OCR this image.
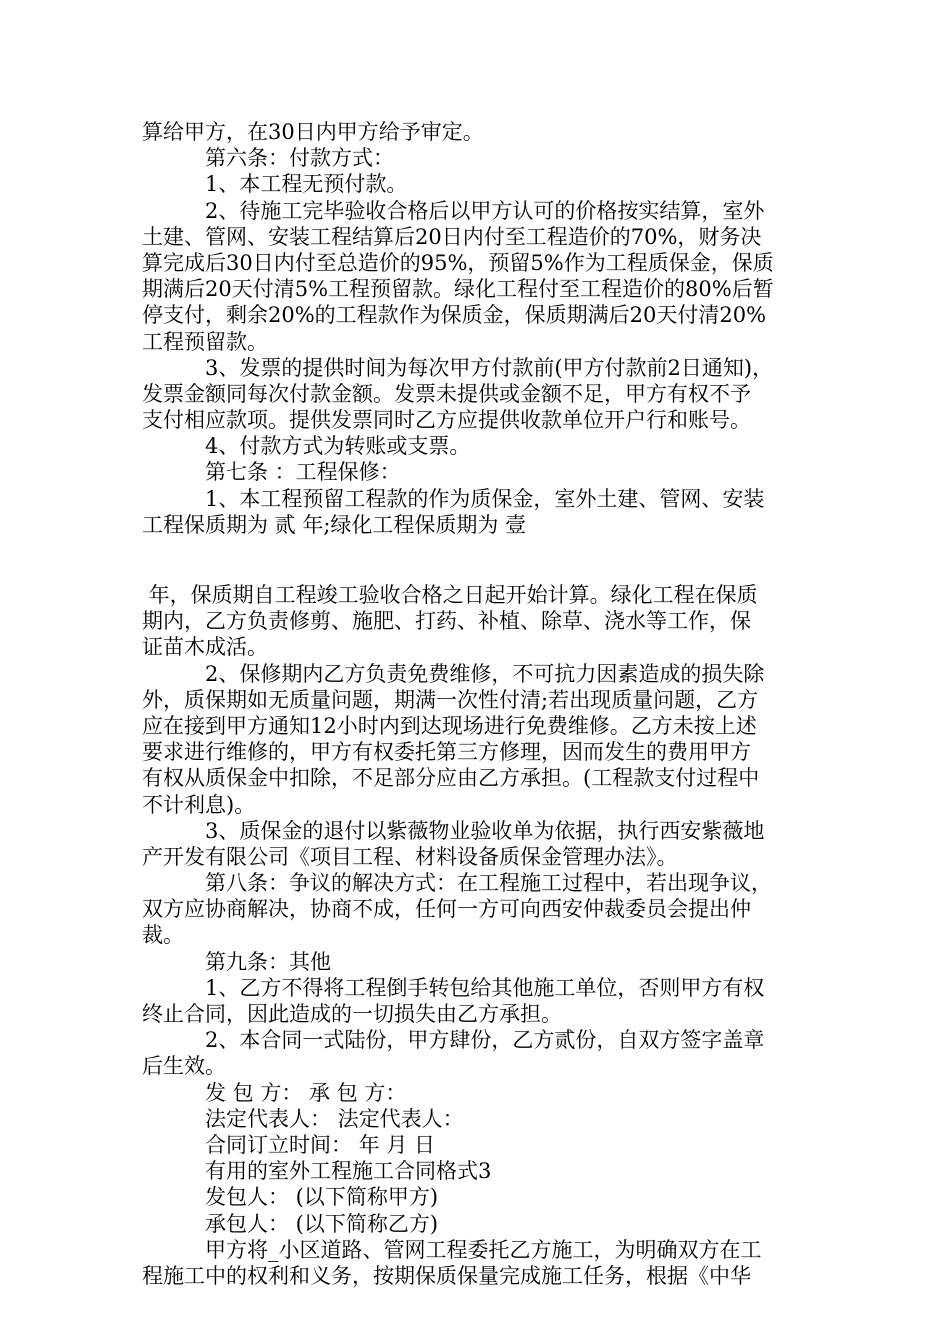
算给甲方，在30日内甲方给予审定。
　　　第六条：付款方式：
　　　1、本工程无预付款。
　　　2、待施工完毕验收合格后以甲方认可的价格按实结算，室外
土建、管网、安装工程结算后20日内付至工程造价的70%，财务决
算完成后30日内付至总造价的95%，预留5%作为工程质保金，保质
期满后20天付清5%工程预留款。绿化工程付至工程造价的80%后暂
停支付，剩余20%的工程款作为保质金，保质期满后20天付清20%
工程预留款。
　　　3、发票的提供时间为每次甲方付款前(甲方付款前2日通知)，
发票金额同每次付款金额。发票未提供或金额不足，甲方有权不予
支付相应款项。提供发票同时乙方应提供收款单位开户行和账号。
　　　4、付款方式为转账或支票。
　　　第七条 ：工程保修：
　　　1、本工程预留工程款的作为质保金，室外土建、管网、安装
工程保质期为 贰 年;绿化工程保质期为 壹
年，保质期自工程竣工验收合格之日起开始计算。绿化工程在保质
期内，乙方负责修剪、施肥、打药、补植、除草、浇水等工作，保
证苗木成活。
　　　2、保修期内乙方负责免费维修，不可抗力因素造成的损失除
外，质保期如无质量问题，期满一次性付清;若出现质量问题，乙方
应在接到甲方通知12小时内到达现场进行免费维修。乙方未按上述
要求进行维修的，甲方有权委托第三方修理，因而发生的费用甲方
有权从质保金中扣除，不足部分应由乙方承担。(工程款支付过程中
不计利息)。
　　　3、质保金的退付以紫薇物业验收单为依据，执行西安紫薇地
产开发有限公司《项目工程、材料设备质保金管理办法》。
　　　第八条：争议的解决方式：在工程施工过程中，若出现争议，
双方应协商解决，协商不成，任何一方可向西安仲裁委员会提出仲
裁。
　　　第九条：其他
　　　1、乙方不得将工程倒手转包给其他施工单位，否则甲方有权
终止合同，因此造成的一切损失由乙方承担。
　　　2、本合同一式陆份，甲方肆份，乙方贰份，自双方签字盖章
后生效。
　　　发 包 方： 承 包 方：
　　　法定代表人： 法定代表人：
　　　合同订立时间： 年 月 日
　　　有用的室外工程施工合同格式3
　　　发包人： (以下简称甲方)
　　　承包人： (以下简称乙方)
　　　甲方将_小区道路、管网工程委托乙方施工，为明确双方在工
程施工中的权利和义务，按期保质保量完成施工任务，根据《中华
